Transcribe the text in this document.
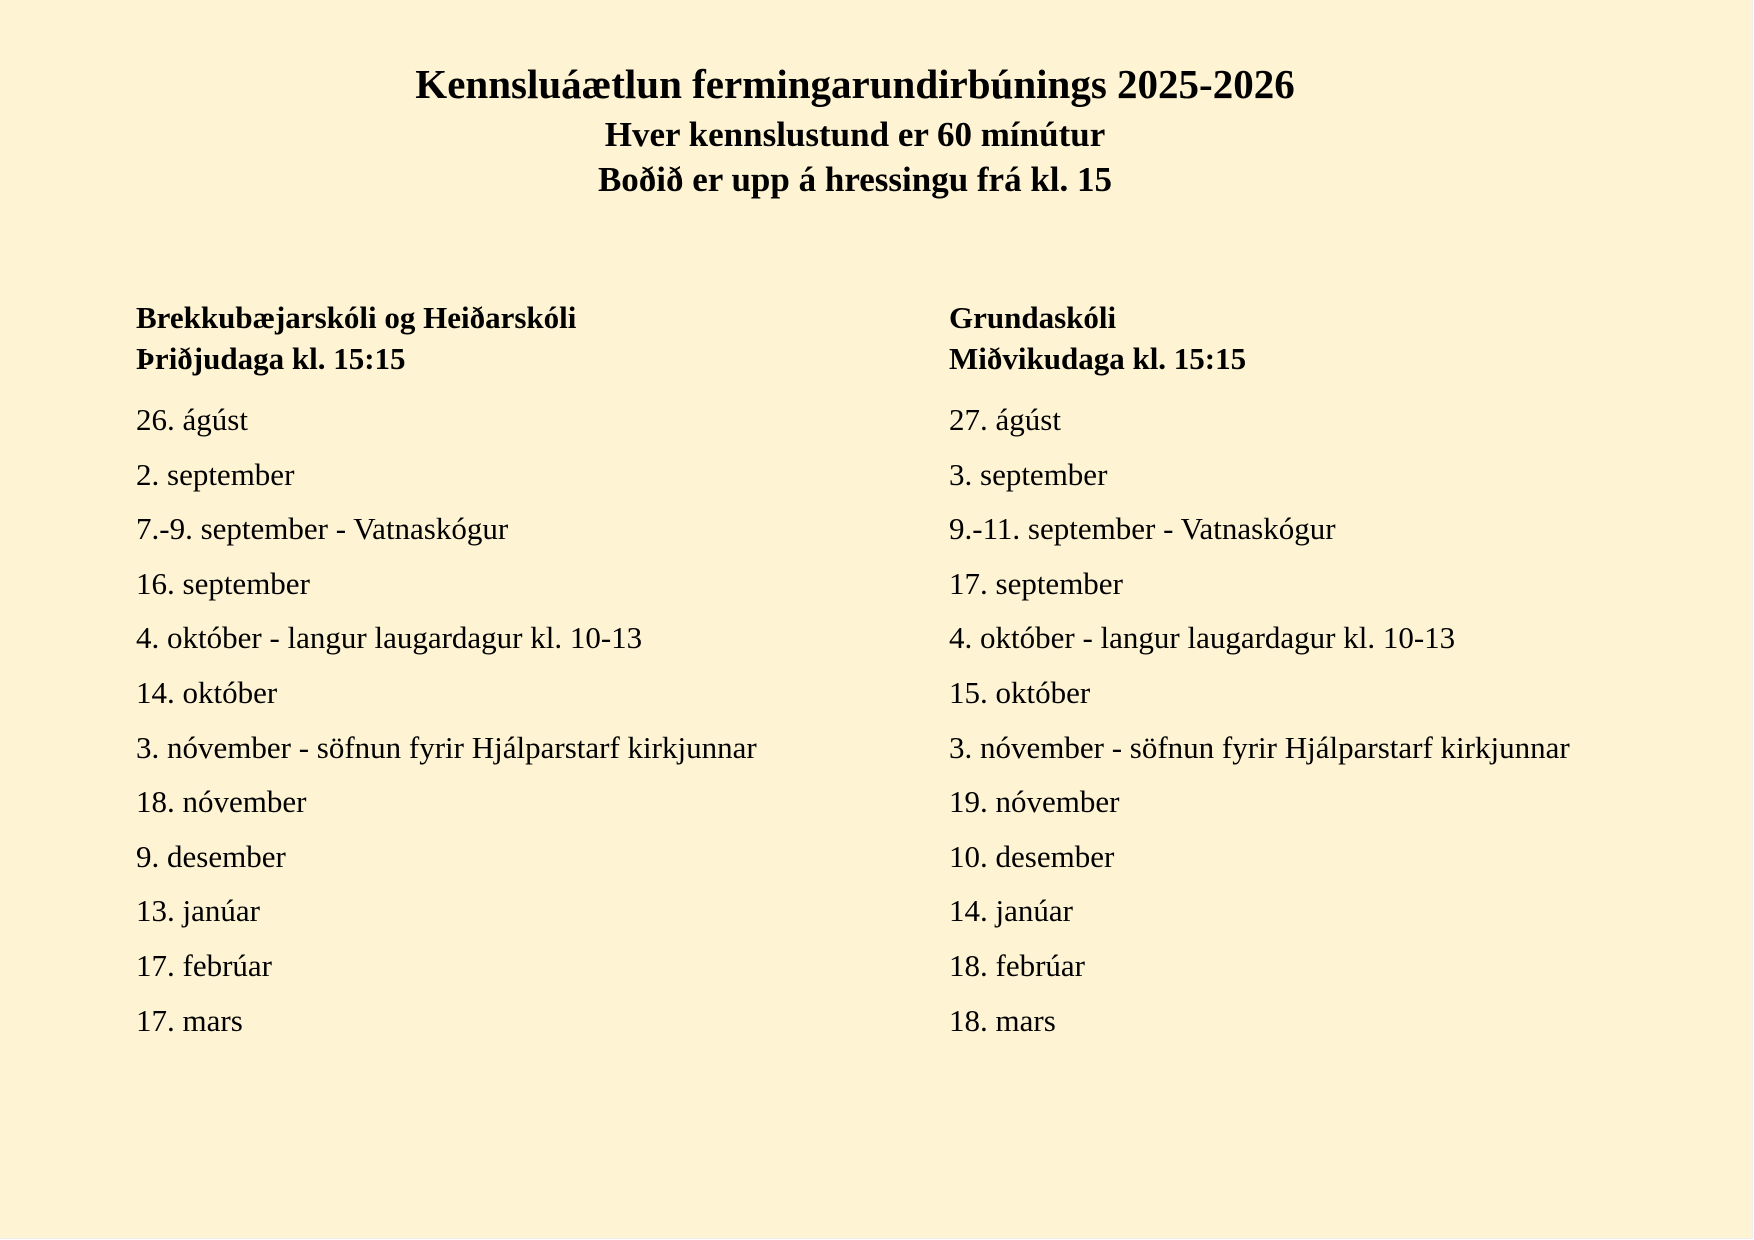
Kennsluáætlun fermingarundirbúnings 2025-2026
Hver kennslustund er 60 mínútur
Boðið er upp á hressingu frá kl. 15
Brekkubæjarskóli og Heiðarskóli
Þriðjudaga kl. 15:15
26. ágúst
2. september
7.-9. september - Vatnaskógur
16. september
4. október - langur laugardagur kl. 10-13
14. október
3. nóvember - söfnun fyrir Hjálparstarf kirkjunnar
18. nóvember
9. desember
13. janúar
17. febrúar
17. mars
Grundaskóli
Miðvikudaga kl. 15:15
27. ágúst
3. september
9.-11. september - Vatnaskógur
17. september
4. október - langur laugardagur kl. 10-13
15. október
3. nóvember - söfnun fyrir Hjálparstarf kirkjunnar
19. nóvember
10. desember
14. janúar
18. febrúar
18. mars
